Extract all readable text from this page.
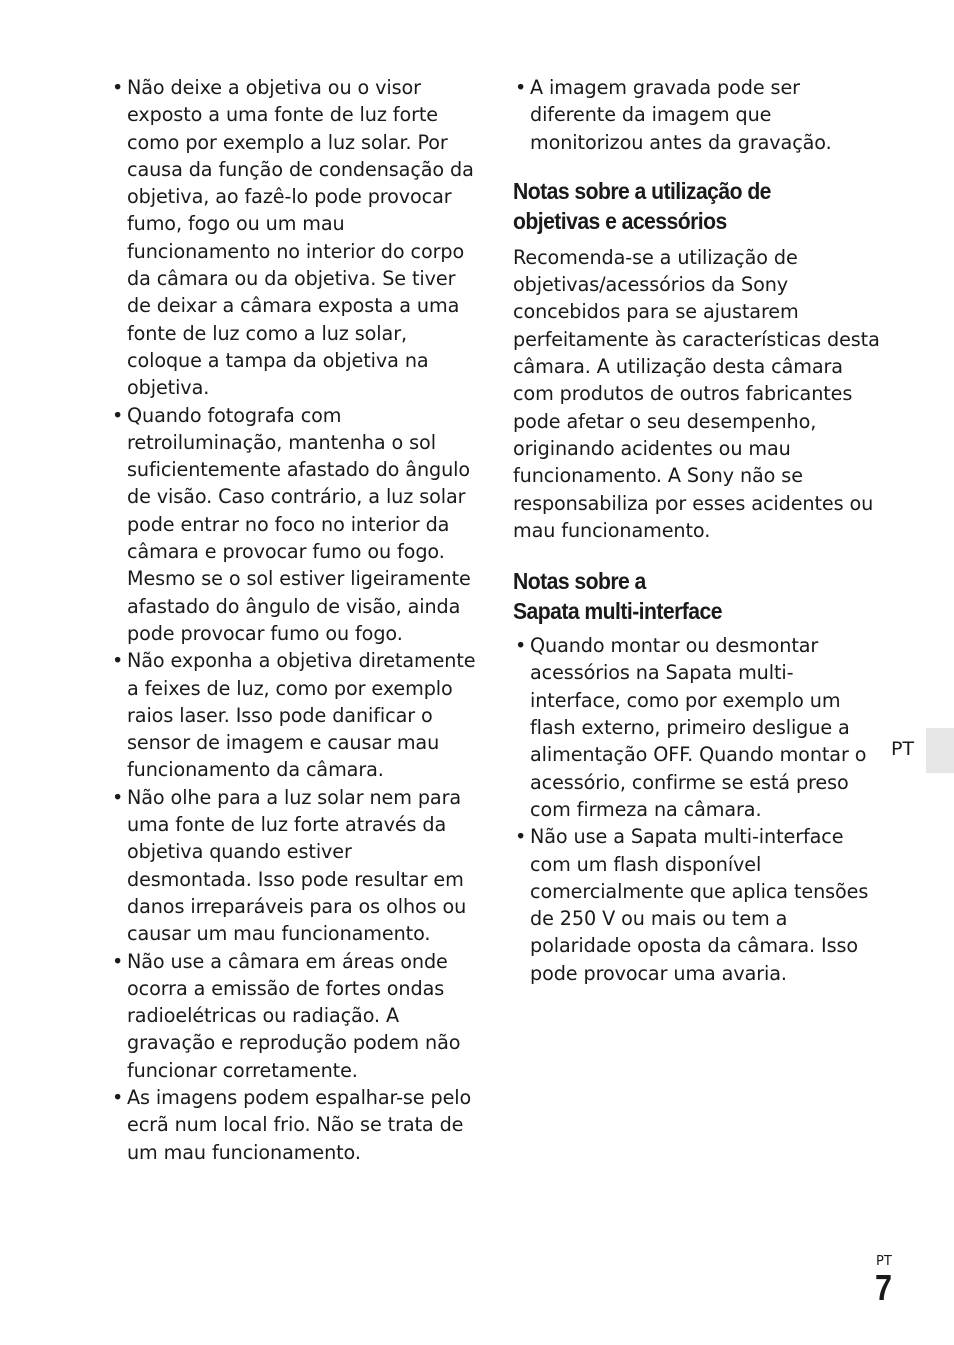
• Não deixe a objetiva ou o visor exposto a uma fonte de luz forte como por exemplo a luz solar. Por causa da função de condensação da objetiva, ao fazê-lo pode provocar fumo, fogo ou um mau funcionamento no interior do corpo da câmara ou da objetiva. Se tiver de deixar a câmara exposta a uma fonte de luz como a luz solar, coloque a tampa da objetiva na objetiva.
• Quando fotografa com retroiluminação, mantenha o sol suficientemente afastado do ângulo de visão. Caso contrário, a luz solar pode entrar no foco no interior da câmara e provocar fumo ou fogo. Mesmo se o sol estiver ligeiramente afastado do ângulo de visão, ainda pode provocar fumo ou fogo.
• Não exponha a objetiva diretamente a feixes de luz, como por exemplo raios laser. Isso pode danificar o sensor de imagem e causar mau funcionamento da câmara.
• Não olhe para a luz solar nem para uma fonte de luz forte através da objetiva quando estiver desmontada. Isso pode resultar em danos irreparáveis para os olhos ou causar um mau funcionamento.
• Não use a câmara em áreas onde ocorra a emissão de fortes ondas radioelétricas ou radiação. A gravação e reprodução podem não funcionar corretamente.
• As imagens podem espalhar-se pelo ecrã num local frio. Não se trata de um mau funcionamento.
• A imagem gravada pode ser diferente da imagem que monitorizou antes da gravação.
Notas sobre a utilização de
objetivas e acessórios

Recomenda-se a utilização de objetivas/acessórios da Sony concebidos para se ajustarem perfeitamente às características desta câmara. A utilização desta câmara com produtos de outros fabricantes pode afetar o seu desempenho, originando acidentes ou mau funcionamento. A Sony não se responsabiliza por esses acidentes ou mau funcionamento.

Notas sobre a
Sapata multi-interface
• Quando montar ou desmontar acessórios na Sapata multi-interface, como por exemplo um flash externo, primeiro desligue a alimentação OFF. Quando montar o acessório, confirme se está preso com firmeza na câmara.
• Não use a Sapata multi-interface com um flash disponível comercialmente que aplica tensões de 250 V ou mais ou tem a polaridade oposta da câmara. Isso pode provocar uma avaria.
PT
PT
7
